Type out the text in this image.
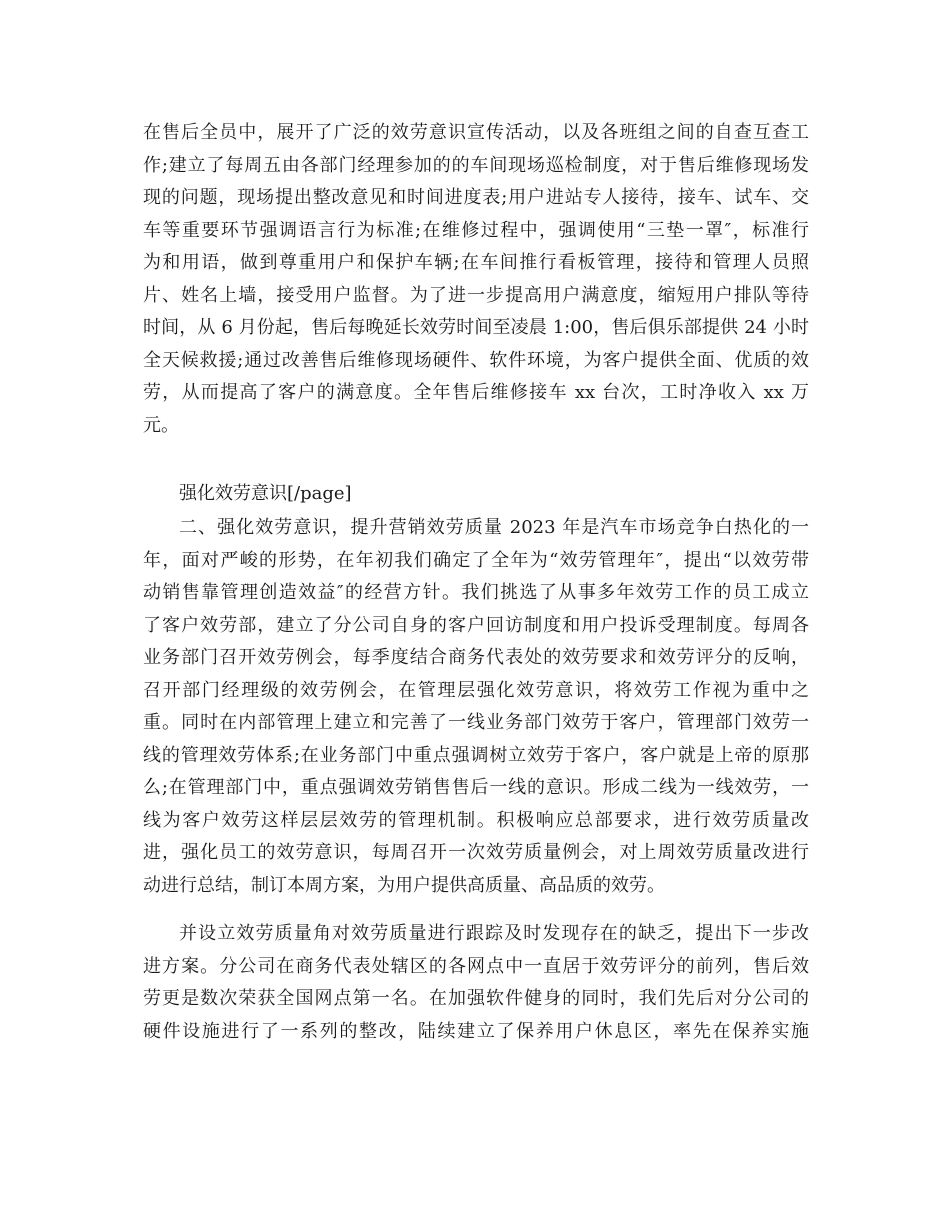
在售后全员中，展开了广泛的效劳意识宣传活动，以及各班组之间的自查互查工
作;建立了每周五由各部门经理参加的的车间现场巡检制度，对于售后维修现场发
现的问题，现场提出整改意见和时间进度表;用户进站专人接待，接车、试车、交
车等重要环节强调语言行为标准;在维修过程中，强调使用“三垫一罩″，标准行
为和用语，做到尊重用户和保护车辆;在车间推行看板管理，接待和管理人员照
片、姓名上墙，接受用户监督。为了进一步提高用户满意度，缩短用户排队等待
时间，从 6 月份起，售后每晚延长效劳时间至凌晨 1:00，售后俱乐部提供 24 小时
全天候救援;通过改善售后维修现场硬件、软件环境，为客户提供全面、优质的效
劳，从而提高了客户的满意度。全年售后维修接车 xx 台次，工时净收入 xx 万
元。
强化效劳意识[/page]
二、强化效劳意识，提升营销效劳质量 2023 年是汽车市场竞争白热化的一
年，面对严峻的形势，在年初我们确定了全年为“效劳管理年″，提出“以效劳带
动销售靠管理创造效益″的经营方针。我们挑选了从事多年效劳工作的员工成立
了客户效劳部，建立了分公司自身的客户回访制度和用户投诉受理制度。每周各
业务部门召开效劳例会，每季度结合商务代表处的效劳要求和效劳评分的反响，
召开部门经理级的效劳例会，在管理层强化效劳意识，将效劳工作视为重中之
重。同时在内部管理上建立和完善了一线业务部门效劳于客户，管理部门效劳一
线的管理效劳体系;在业务部门中重点强调树立效劳于客户，客户就是上帝的原那
么;在管理部门中，重点强调效劳销售售后一线的意识。形成二线为一线效劳，一
线为客户效劳这样层层效劳的管理机制。积极响应总部要求，进行效劳质量改
进，强化员工的效劳意识，每周召开一次效劳质量例会，对上周效劳质量改进行
动进行总结，制订本周方案，为用户提供高质量、高品质的效劳。
并设立效劳质量角对效劳质量进行跟踪及时发现存在的缺乏，提出下一步改
进方案。分公司在商务代表处辖区的各网点中一直居于效劳评分的前列，售后效
劳更是数次荣获全国网点第一名。在加强软件健身的同时，我们先后对分公司的
硬件设施进行了一系列的整改，陆续建立了保养用户休息区，率先在保养实施
